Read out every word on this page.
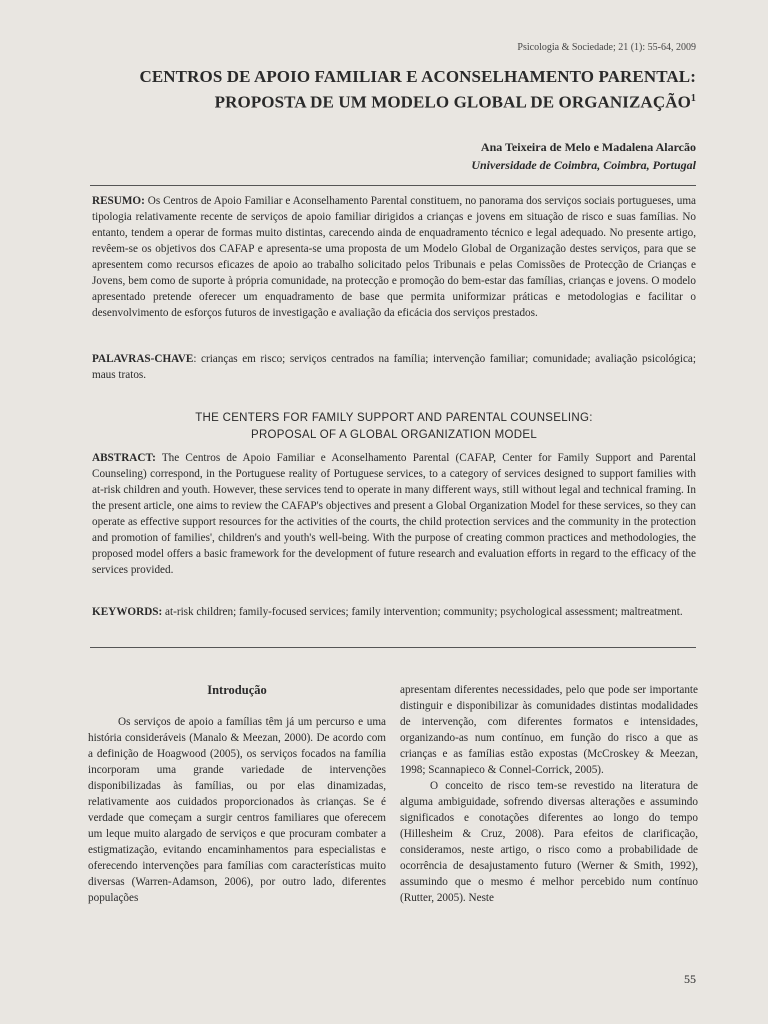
Psicologia & Sociedade; 21 (1): 55-64, 2009
CENTROS DE APOIO FAMILIAR E ACONSELHAMENTO PARENTAL:
PROPOSTA DE UM MODELO GLOBAL DE ORGANIZAÇÃO$^1$
Ana Teixeira de Melo e Madalena Alarcão
Universidade de Coimbra, Coimbra, Portugal
RESUMO: Os Centros de Apoio Familiar e Aconselhamento Parental constituem, no panorama dos serviços sociais portugueses, uma tipologia relativamente recente de serviços de apoio familiar dirigidos a crianças e jovens em situação de risco e suas famílias. No entanto, tendem a operar de formas muito distintas, carecendo ainda de enquadramento técnico e legal adequado. No presente artigo, revêem-se os objetivos dos CAFAP e apresenta-se uma proposta de um Modelo Global de Organização destes serviços, para que se apresentem como recursos eficazes de apoio ao trabalho solicitado pelos Tribunais e pelas Comissões de Protecção de Crianças e Jovens, bem como de suporte à própria comunidade, na protecção e promoção do bem-estar das famílias, crianças e jovens. O modelo apresentado pretende oferecer um enquadramento de base que permita uniformizar práticas e metodologias e facilitar o desenvolvimento de esforços futuros de investigação e avaliação da eficácia dos serviços prestados.
PALAVRAS-CHAVE: crianças em risco; serviços centrados na família; intervenção familiar; comunidade; avaliação psicológica; maus tratos.
THE CENTERS FOR FAMILY SUPPORT AND PARENTAL COUNSELING:
PROPOSAL OF A GLOBAL ORGANIZATION MODEL
ABSTRACT: The Centros de Apoio Familiar e Aconselhamento Parental (CAFAP, Center for Family Support and Parental Counseling) correspond, in the Portuguese reality of Portuguese services, to a category of services designed to support families with at-risk children and youth. However, these services tend to operate in many different ways, still without legal and technical framing. In the present article, one aims to review the CAFAP's objectives and present a Global Organization Model for these services, so they can operate as effective support resources for the activities of the courts, the child protection services and the community in the protection and promotion of families', children's and youth's well-being. With the purpose of creating common practices and methodologies, the proposed model offers a basic framework for the development of future research and evaluation efforts in regard to the efficacy of the services provided.
KEYWORDS: at-risk children; family-focused services; family intervention; community; psychological assessment; maltreatment.
Introdução

Os serviços de apoio a famílias têm já um percurso e uma história consideráveis (Manalo & Meezan, 2000). De acordo com a definição de Hoagwood (2005), os serviços focados na família incorporam uma grande variedade de intervenções disponibilizadas às famílias, ou por elas dinamizadas, relativamente aos cuidados proporcionados às crianças. Se é verdade que começam a surgir centros familiares que oferecem um leque muito alargado de serviços e que procuram combater a estigmatização, evitando encaminhamentos para especialistas e oferecendo intervenções para famílias com características muito diversas (Warren-Adamson, 2006), por outro lado, diferentes populações

apresentam diferentes necessidades, pelo que pode ser importante distinguir e disponibilizar às comunidades distintas modalidades de intervenção, com diferentes formatos e intensidades, organizando-as num contínuo, em função do risco a que as crianças e as famílias estão expostas (McCroskey & Meezan, 1998; Scannapieco & Connel-Corrick, 2005).

O conceito de risco tem-se revestido na literatura de alguma ambiguidade, sofrendo diversas alterações e assumindo significados e conotações diferentes ao longo do tempo (Hillesheim & Cruz, 2008). Para efeitos de clarificação, consideramos, neste artigo, o risco como a probabilidade de ocorrência de desajustamento futuro (Werner & Smith, 1992), assumindo que o mesmo é melhor percebido num contínuo (Rutter, 2005). Neste

55
